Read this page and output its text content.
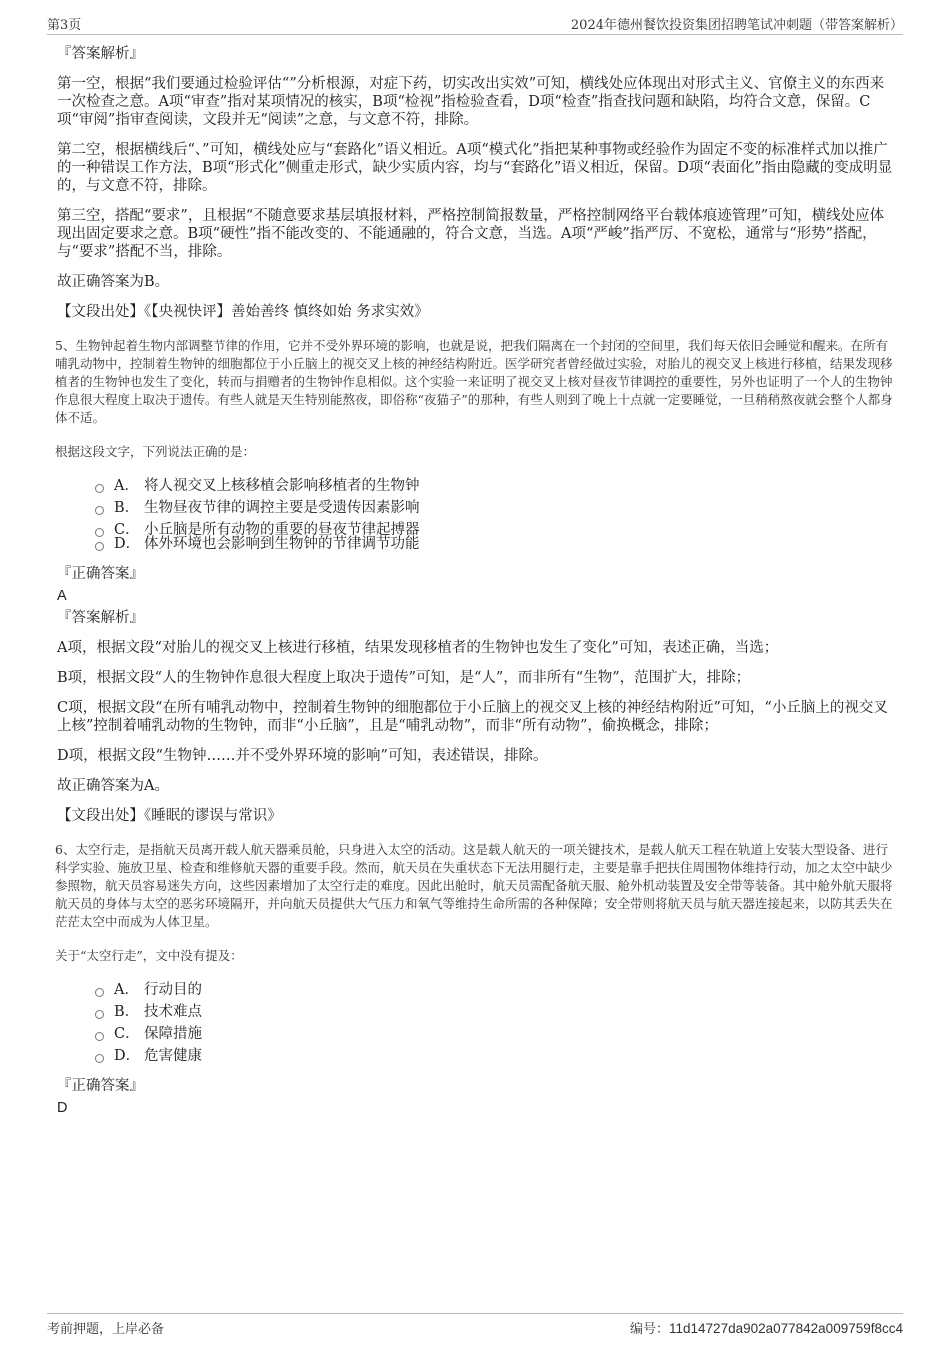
第3页	2024年德州餐饮投资集团招聘笔试冲刺题（带答案解析）
『答案解析』

第一空，根据“我们要通过检验评估“”分析根源，对症下药，切实改出实效”可知，横线处应体现出对形式主义、官僚主义的东西来一次检查之意。A项“审查”指对某项情况的核实，B项“检视”指检验查看，D项“检查”指查找问题和缺陷，均符合文意，保留。C项“审阅”指审查阅读，文段并无“阅读”之意，与文意不符，排除。

第二空，根据横线后“、”可知，横线处应与“套路化”语义相近。A项“模式化”指把某种事物或经验作为固定不变的标准样式加以推广的一种错误工作方法，B项“形式化”侧重走形式，缺少实质内容，均与“套路化”语义相近，保留。D项“表面化”指由隐藏的变成明显的，与文意不符，排除。

第三空，搭配“要求”，且根据“不随意要求基层填报材料，严格控制简报数量，严格控制网络平台载体痕迹管理”可知，横线处应体现出固定要求之意。B项“硬性”指不能改变的、不能通融的，符合文意，当选。A项“严峻”指严厉、不宽松，通常与“形势”搭配，与“要求”搭配不当，排除。

故正确答案为B。

【文段出处】《【央视快评】善始善终 慎终如始 务求实效》

5、生物钟起着生物内部调整节律的作用，它并不受外界环境的影响，也就是说，把我们隔离在一个封闭的空间里，我们每天依旧会睡觉和醒来。在所有哺乳动物中，控制着生物钟的细胞都位于小丘脑上的视交叉上核的神经结构附近。医学研究者曾经做过实验，对胎儿的视交叉上核进行移植，结果发现移植者的生物钟也发生了变化，转而与捐赠者的生物钟作息相似。这个实验一来证明了视交叉上核对昼夜节律调控的重要性，另外也证明了一个人的生物钟作息很大程度上取决于遗传。有些人就是天生特别能熬夜，即俗称“夜猫子”的那种，有些人则到了晚上十点就一定要睡觉，一旦稍稍熬夜就会整个人都身体不适。

根据这段文字，下列说法正确的是：

A． 将人视交叉上核移植会影响移植者的生物钟
B． 生物昼夜节律的调控主要是受遗传因素影响
C． 小丘脑是所有动物的重要的昼夜节律起搏器
D． 体外环境也会影响到生物钟的节律调节功能
『正确答案』
A
『答案解析』

A项，根据文段“对胎儿的视交叉上核进行移植，结果发现移植者的生物钟也发生了变化”可知，表述正确，当选；

B项，根据文段“人的生物钟作息很大程度上取决于遗传”可知，是“人”，而非所有“生物”，范围扩大，排除；

C项，根据文段“在所有哺乳动物中，控制着生物钟的细胞都位于小丘脑上的视交叉上核的神经结构附近”可知，“小丘脑上的视交叉上核”控制着哺乳动物的生物钟，而非“小丘脑”，且是“哺乳动物”，而非“所有动物”，偷换概念，排除；

D项，根据文段“生物钟……并不受外界环境的影响”可知，表述错误，排除。

故正确答案为A。

【文段出处】《睡眠的谬误与常识》

6、太空行走，是指航天员离开载人航天器乘员舱，只身进入太空的活动。这是载人航天的一项关键技术，是载人航天工程在轨道上安装大型设备、进行科学实验、施放卫星、检查和维修航天器的重要手段。然而，航天员在失重状态下无法用腿行走，主要是靠手把扶住周围物体维持行动，加之太空中缺少参照物，航天员容易迷失方向，这些因素增加了太空行走的难度。因此出舱时，航天员需配备航天服、舱外机动装置及安全带等装备。其中舱外航天服将航天员的身体与太空的恶劣环境隔开，并向航天员提供大气压力和氧气等维持生命所需的各种保障；安全带则将航天员与航天器连接起来，以防其丢失在茫茫太空中而成为人体卫星。

关于“太空行走”，文中没有提及：

A． 行动目的
B． 技术难点
C． 保障措施
D． 危害健康
『正确答案』
D
考前押题，上岸必备	编号：11d14727da902a077842a009759f8cc4
